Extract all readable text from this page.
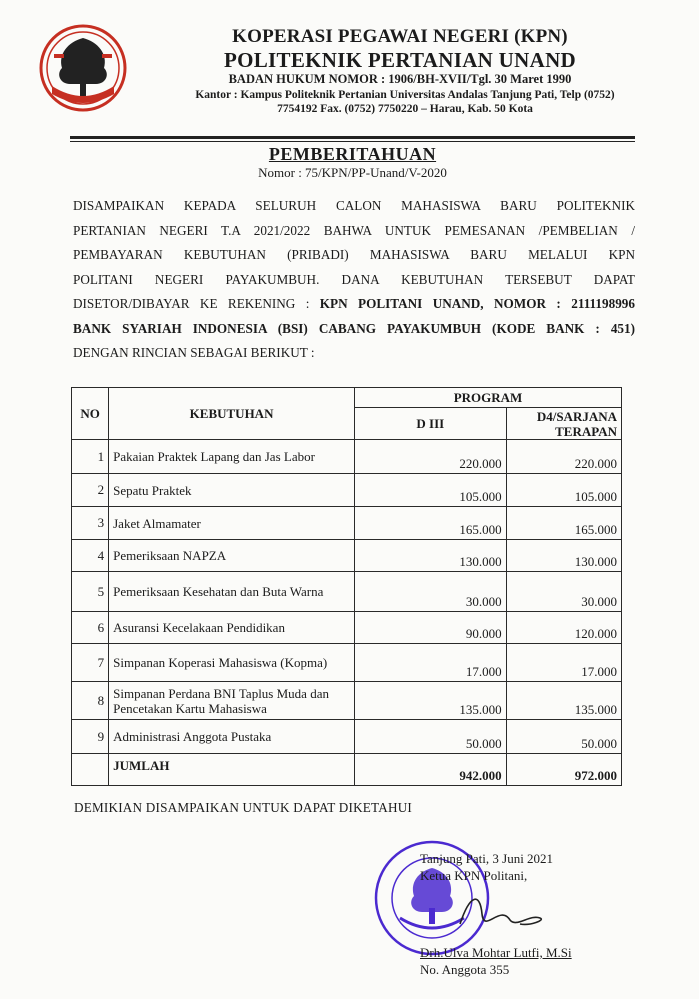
KOPERASI PEGAWAI NEGERI (KPN)
POLITEKNIK PERTANIAN UNAND
BADAN HUKUM NOMOR : 1906/BH-XVII/Tgl. 30 Maret 1990
Kantor : Kampus Politeknik Pertanian Universitas Andalas Tanjung Pati, Telp (0752)
7754192 Fax. (0752) 7750220 – Harau, Kab. 50 Kota
PEMBERITAHUAN
Nomor : 75/KPN/PP-Unand/V-2020
DISAMPAIKAN KEPADA SELURUH CALON MAHASISWA BARU POLITEKNIK
PERTANIAN NEGERI T.A 2021/2022 BAHWA UNTUK PEMESANAN /PEMBELIAN /
PEMBAYARAN KEBUTUHAN (PRIBADI) MAHASISWA BARU MELALUI KPN
POLITANI NEGERI PAYAKUMBUH. DANA KEBUTUHAN TERSEBUT DAPAT
DISETOR/DIBAYAR KE REKENING : KPN POLITANI UNAND, NOMOR : 2111198996
BANK SYARIAH INDONESIA (BSI) CABANG PAYAKUMBUH (KODE BANK : 451)
DENGAN RINCIAN SEBAGAI BERIKUT :
NO	KEBUTUHAN	PROGRAM	
		D III	D4/SARJANA TERAPAN
1	Pakaian Praktek Lapang dan Jas Labor	220.000	220.000
2	Sepatu Praktek	105.000	105.000
3	Jaket Almamater	165.000	165.000
4	Pemeriksaan NAPZA	130.000	130.000
5	Pemeriksaan Kesehatan dan Buta Warna	30.000	30.000
6	Asuransi Kecelakaan Pendidikan	90.000	120.000
7	Simpanan Koperasi Mahasiswa (Kopma)	17.000	17.000
8	Simpanan Perdana BNI Taplus Muda dan Pencetakan Kartu Mahasiswa	135.000	135.000
9	Administrasi Anggota Pustaka	50.000	50.000
	JUMLAH	942.000	972.000
DEMIKIAN DISAMPAIKAN UNTUK DAPAT DIKETAHUI
Tanjung Pati, 3 Juni 2021
Ketua KPN Politani,
Drh.Ulva Mohtar Lutfi, M.Si
No. Anggota 355
